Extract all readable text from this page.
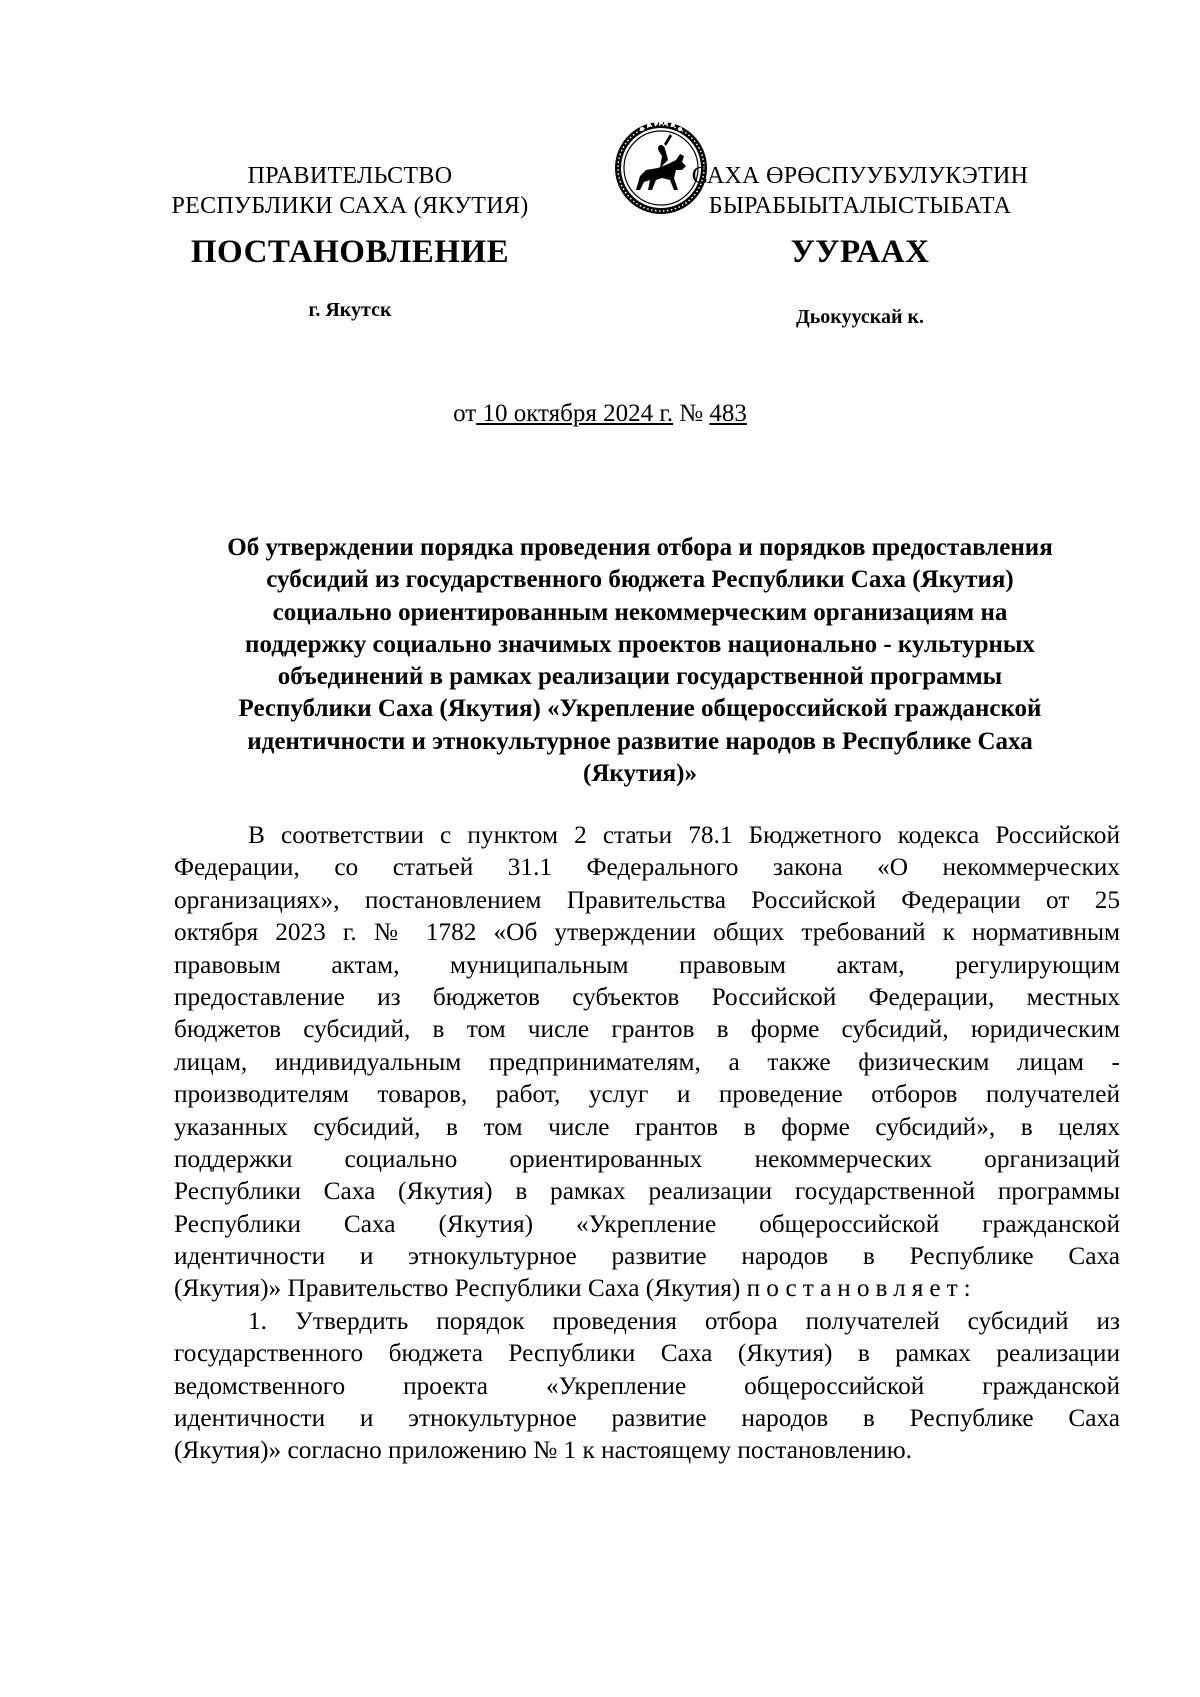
ПРАВИТЕЛЬСТВО
РЕСПУБЛИКИ САХА (ЯКУТИЯ)
САХА ӨРӨСПУУБУЛУКЭТИН
БЫРАБЫЫТАЛЫСТЫБАТА
ПОСТАНОВЛЕНИЕ	УУРААХ
г. Якутск	Дьокуускай к.
от 10 октября 2024 г. № 483
Об утверждении порядка проведения отбора и порядков предоставления
субсидий из государственного бюджета Республики Саха (Якутия)
социально ориентированным некоммерческим организациям на
поддержку социально значимых проектов национально - культурных
объединений в рамках реализации государственной программы
Республики Саха (Якутия) «Укрепление общероссийской гражданской
идентичности и этнокультурное развитие народов в Республике Саха
(Якутия)»
В соответствии с пунктом 2 статьи 78.1 Бюджетного кодекса Российской
Федерации, со статьей 31.1 Федерального закона «О некоммерческих
организациях», постановлением Правительства Российской Федерации от 25
октября 2023 г. № 1782 «Об утверждении общих требований к нормативным
правовым актам, муниципальным правовым актам, регулирующим
предоставление из бюджетов субъектов Российской Федерации, местных
бюджетов субсидий, в том числе грантов в форме субсидий, юридическим
лицам, индивидуальным предпринимателям, а также физическим лицам -
производителям товаров, работ, услуг и проведение отборов получателей
указанных субсидий, в том числе грантов в форме субсидий», в целях
поддержки социально ориентированных некоммерческих организаций
Республики Саха (Якутия) в рамках реализации государственной программы
Республики Саха (Якутия) «Укрепление общероссийской гражданской
идентичности и этнокультурное развитие народов в Республике Саха
(Якутия)» Правительство Республики Саха (Якутия) постановляет:
1. Утвердить порядок проведения отбора получателей субсидий из
государственного бюджета Республики Саха (Якутия) в рамках реализации
ведомственного проекта «Укрепление общероссийской гражданской
идентичности и этнокультурное развитие народов в Республике Саха
(Якутия)» согласно приложению № 1 к настоящему постановлению.
